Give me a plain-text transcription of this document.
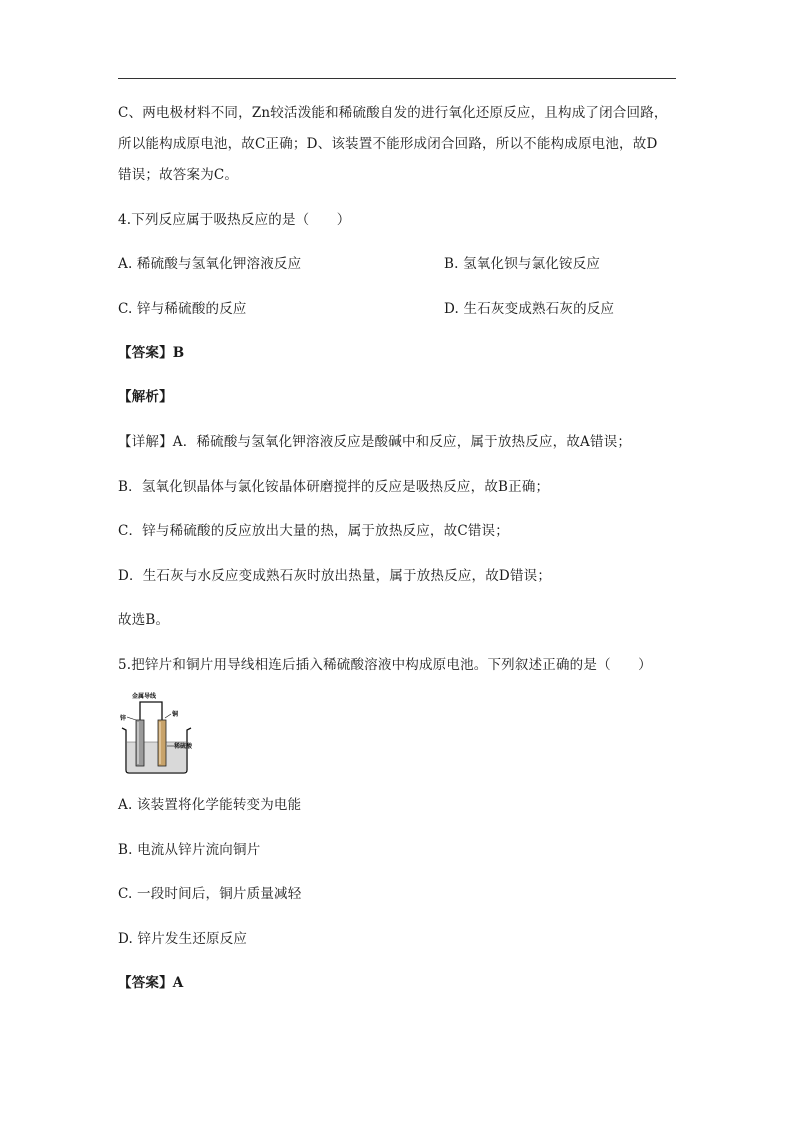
C、两电极材料不同，Zn较活泼能和稀硫酸自发的进行氧化还原反应，且构成了闭合回路，
所以能构成原电池，故C正确；D、该装置不能形成闭合回路，所以不能构成原电池，故D
错误；故答案为C。
4.下列反应属于吸热反应的是（　　）
A. 稀硫酸与氢氧化钾溶液反应	B. 氢氧化钡与氯化铵反应
C. 锌与稀硫酸的反应	D. 生石灰变成熟石灰的反应
【答案】B
【解析】
【详解】A．稀硫酸与氢氧化钾溶液反应是酸碱中和反应，属于放热反应，故A错误；
B．氢氧化钡晶体与氯化铵晶体研磨搅拌的反应是吸热反应，故B正确；
C．锌与稀硫酸的反应放出大量的热，属于放热反应，故C错误；
D．生石灰与水反应变成熟石灰时放出热量，属于放热反应，故D错误；
故选B。
5.把锌片和铜片用导线相连后插入稀硫酸溶液中构成原电池。下列叙述正确的是（　　）
金属导线
锌
铜
稀硫酸
A. 该装置将化学能转变为电能
B. 电流从锌片流向铜片
C. 一段时间后，铜片质量减轻
D. 锌片发生还原反应
【答案】A
